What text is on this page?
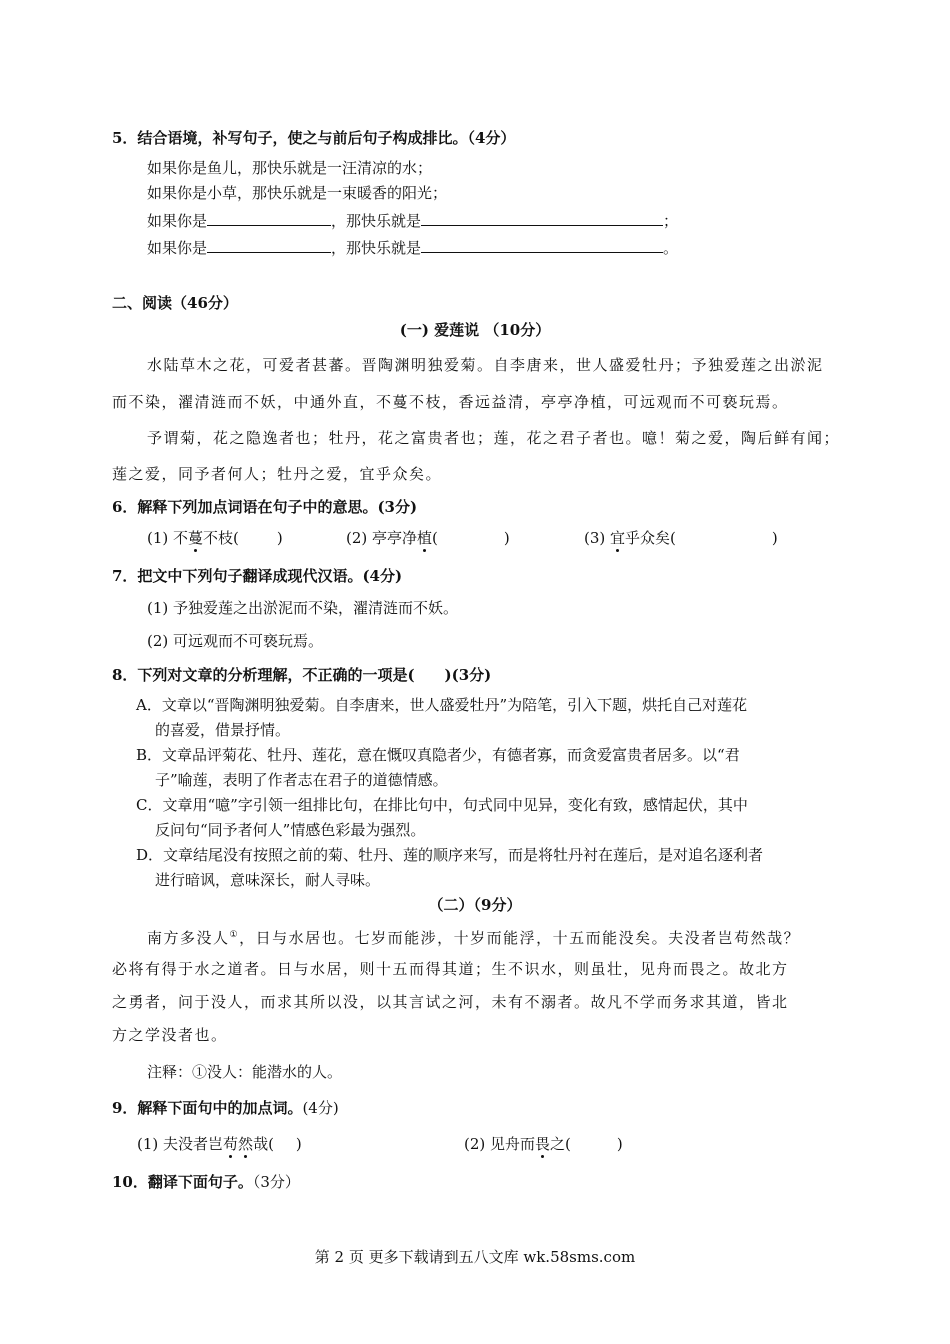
5．结合语境，补写句子，使之与前后句子构成排比。（4分）
如果你是鱼儿，那快乐就是一汪清凉的水；
如果你是小草，那快乐就是一束暖香的阳光；
如果你是	，那快乐就是	；
如果你是	，那快乐就是	。
二、阅读（46分）
(一) 爱莲说 （10分）
水陆草木之花，可爱者甚蕃。晋陶渊明独爱菊。自李唐来，世人盛爱牡丹；予独爱莲之出淤泥
而不染，濯清涟而不妖，中通外直，不蔓不枝，香远益清，亭亭净植，可远观而不可亵玩焉。
予谓菊，花之隐逸者也；牡丹，花之富贵者也；莲，花之君子者也。噫！菊之爱，陶后鲜有闻；
莲之爱，同予者何人；牡丹之爱，宜乎众矣。
6．解释下列加点词语在句子中的意思。(3分)
(1) 不蔓不枝(	)	(2) 亭亭净植(	)	(3) 宜乎众矣(	)
7．把文中下列句子翻译成现代汉语。(4分)
(1) 予独爱莲之出淤泥而不染，濯清涟而不妖。
(2) 可远观而不可亵玩焉。
8．下列对文章的分析理解，不正确的一项是(　　)(3分)
A．文章以“晋陶渊明独爱菊。自李唐来，世人盛爱牡丹”为陪笔，引入下题，烘托自己对莲花
的喜爱，借景抒情。
B．文章品评菊花、牡丹、莲花，意在慨叹真隐者少，有德者寡，而贪爱富贵者居多。以“君
子”喻莲，表明了作者志在君子的道德情感。
C．文章用“噫”字引领一组排比句，在排比句中，句式同中见异，变化有致，感情起伏，其中
反问句“同予者何人”情感色彩最为强烈。
D．文章结尾没有按照之前的菊、牡丹、莲的顺序来写，而是将牡丹衬在莲后，是对追名逐利者
进行暗讽，意味深长，耐人寻味。
（二）（9分）
南方多没人①，日与水居也。七岁而能涉，十岁而能浮，十五而能没矣。夫没者岂苟然哉？
必将有得于水之道者。日与水居，则十五而得其道；生不识水，则虽壮，见舟而畏之。故北方
之勇者，问于没人，而求其所以没，以其言试之河，未有不溺者。故凡不学而务求其道，皆北
方之学没者也。
注释：①没人：能潜水的人。
9．解释下面句中的加点词。(4分)
(1) 夫没者岂苟然哉( )	(2) 见舟而畏之(	)
10．翻译下面句子。（3分）
第 2 页 更多下载请到五八文库 wk.58sms.com
